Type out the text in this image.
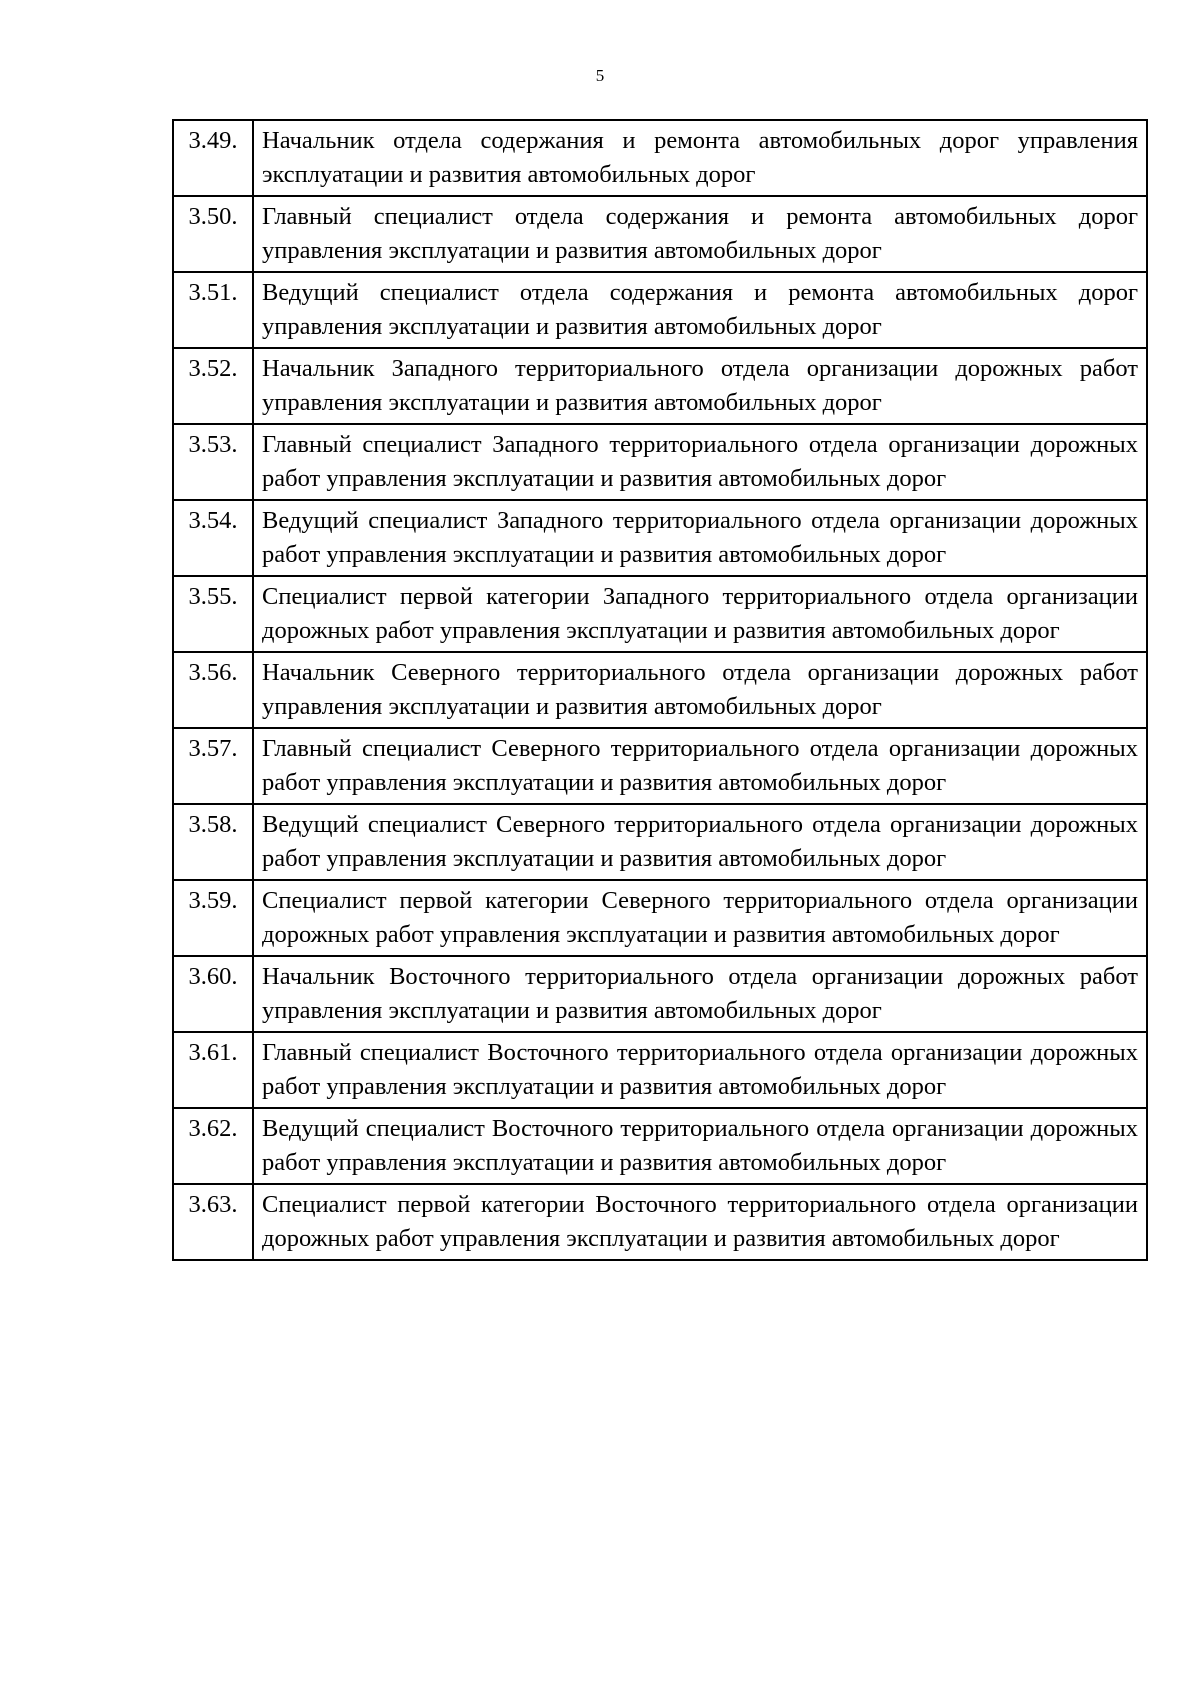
5
3.49.	Начальник отдела содержания и ремонта автомобильных дорог управления эксплуатации и развития автомобильных дорог
3.50.	Главный специалист отдела содержания и ремонта автомобильных дорог управления эксплуатации и развития автомобильных дорог
3.51.	Ведущий специалист отдела содержания и ремонта автомобильных дорог управления эксплуатации и развития автомобильных дорог
3.52.	Начальник Западного территориального отдела организации дорожных работ управления эксплуатации и развития автомобильных дорог
3.53.	Главный специалист Западного территориального отдела организации дорожных работ управления эксплуатации и развития автомобильных дорог
3.54.	Ведущий специалист Западного территориального отдела организации дорожных работ управления эксплуатации и развития автомобильных дорог
3.55.	Специалист первой категории Западного территориального отдела организации дорожных работ управления эксплуатации и развития автомобильных дорог
3.56.	Начальник Северного территориального отдела организации дорожных работ управления эксплуатации и развития автомобильных дорог
3.57.	Главный специалист Северного территориального отдела организации дорожных работ управления эксплуатации и развития автомобильных дорог
3.58.	Ведущий специалист Северного территориального отдела организации дорожных работ управления эксплуатации и развития автомобильных дорог
3.59.	Специалист первой категории Северного территориального отдела организации дорожных работ управления эксплуатации и развития автомобильных дорог
3.60.	Начальник Восточного территориального отдела организации дорожных работ управления эксплуатации и развития автомобильных дорог
3.61.	Главный специалист Восточного территориального отдела организации дорожных работ управления эксплуатации и развития автомобильных дорог
3.62.	Ведущий специалист Восточного территориального отдела организации дорожных работ управления эксплуатации и развития автомобильных дорог
3.63.	Специалист первой категории Восточного территориального отдела организации дорожных работ управления эксплуатации и развития автомобильных дорог
